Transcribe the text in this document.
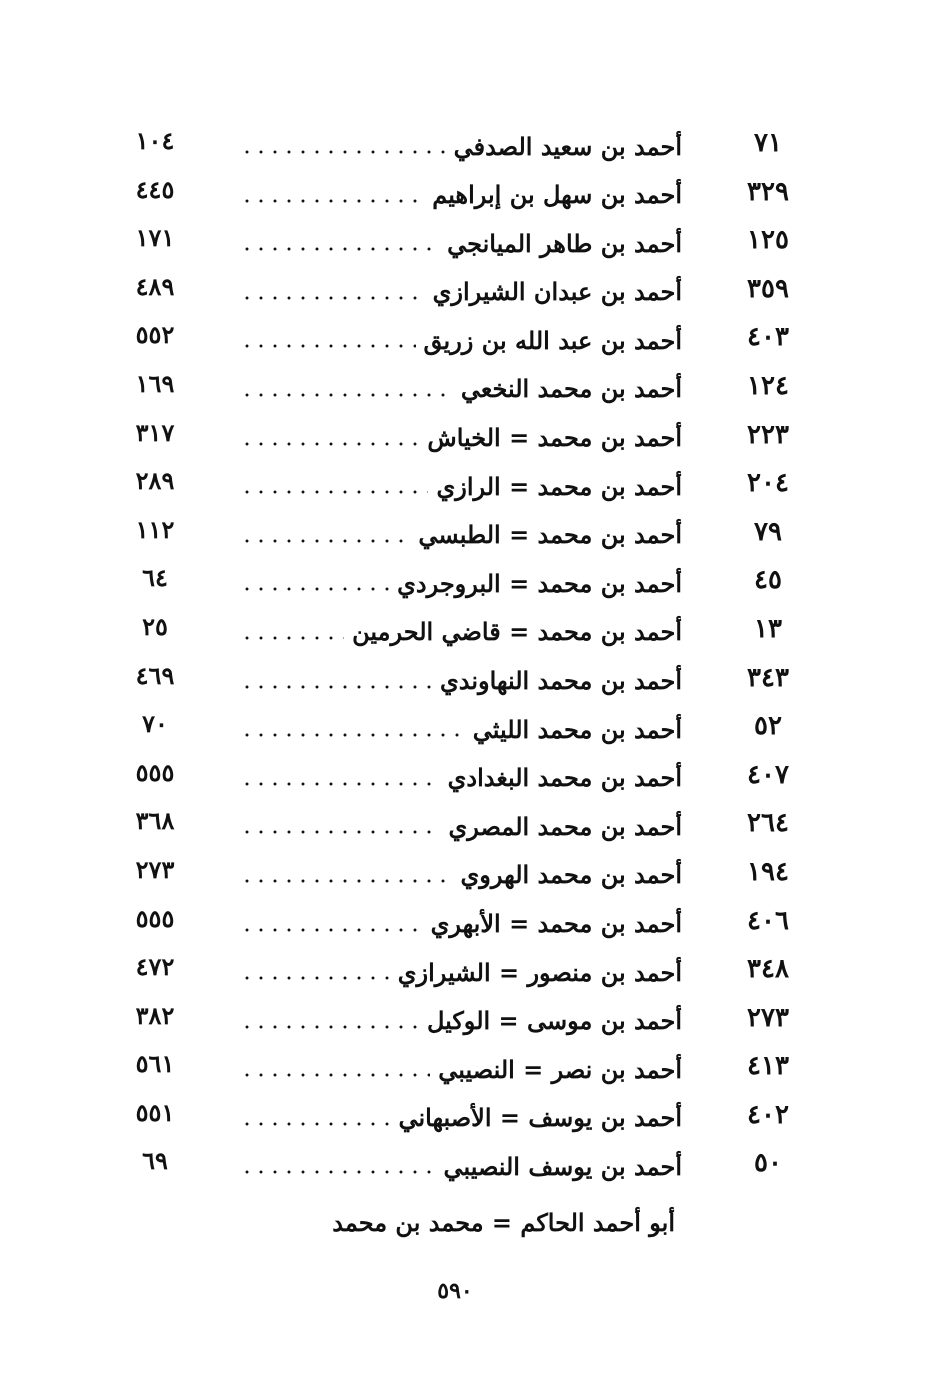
٧١
أحمد بن سعيد الصدفي
١٠٤
٣٢٩
أحمد بن سهل بن إبراهيم
٤٤٥
١٢٥
أحمد بن طاهر الميانجي
١٧١
٣٥٩
أحمد بن عبدان الشيرازي
٤٨٩
٤٠٣
أحمد بن عبد الله بن زريق
٥٥٢
١٢٤
أحمد بن محمد النخعي
١٦٩
٢٢٣
أحمد بن محمد = الخياش
٣١٧
٢٠٤
أحمد بن محمد = الرازي
٢٨٩
٧٩
أحمد بن محمد = الطبسي
١١٢
٤٥
أحمد بن محمد = البروجردي
٦٤
١٣
أحمد بن محمد = قاضي الحرمين
٢٥
٣٤٣
أحمد بن محمد النهاوندي
٤٦٩
٥٢
أحمد بن محمد الليثي
٧٠
٤٠٧
أحمد بن محمد البغدادي
٥٥٥
٢٦٤
أحمد بن محمد المصري
٣٦٨
١٩٤
أحمد بن محمد الهروي
٢٧٣
٤٠٦
أحمد بن محمد = الأبهري
٥٥٥
٣٤٨
أحمد بن منصور = الشيرازي
٤٧٢
٢٧٣
أحمد بن موسى = الوكيل
٣٨٢
٤١٣
أحمد بن نصر = النصيبي
٥٦١
٤٠٢
أحمد بن يوسف = الأصبهاني
٥٥١
٥٠
أحمد بن يوسف النصيبي
٦٩
أبو أحمد الحاكم = محمد بن محمد
٥٩٠
